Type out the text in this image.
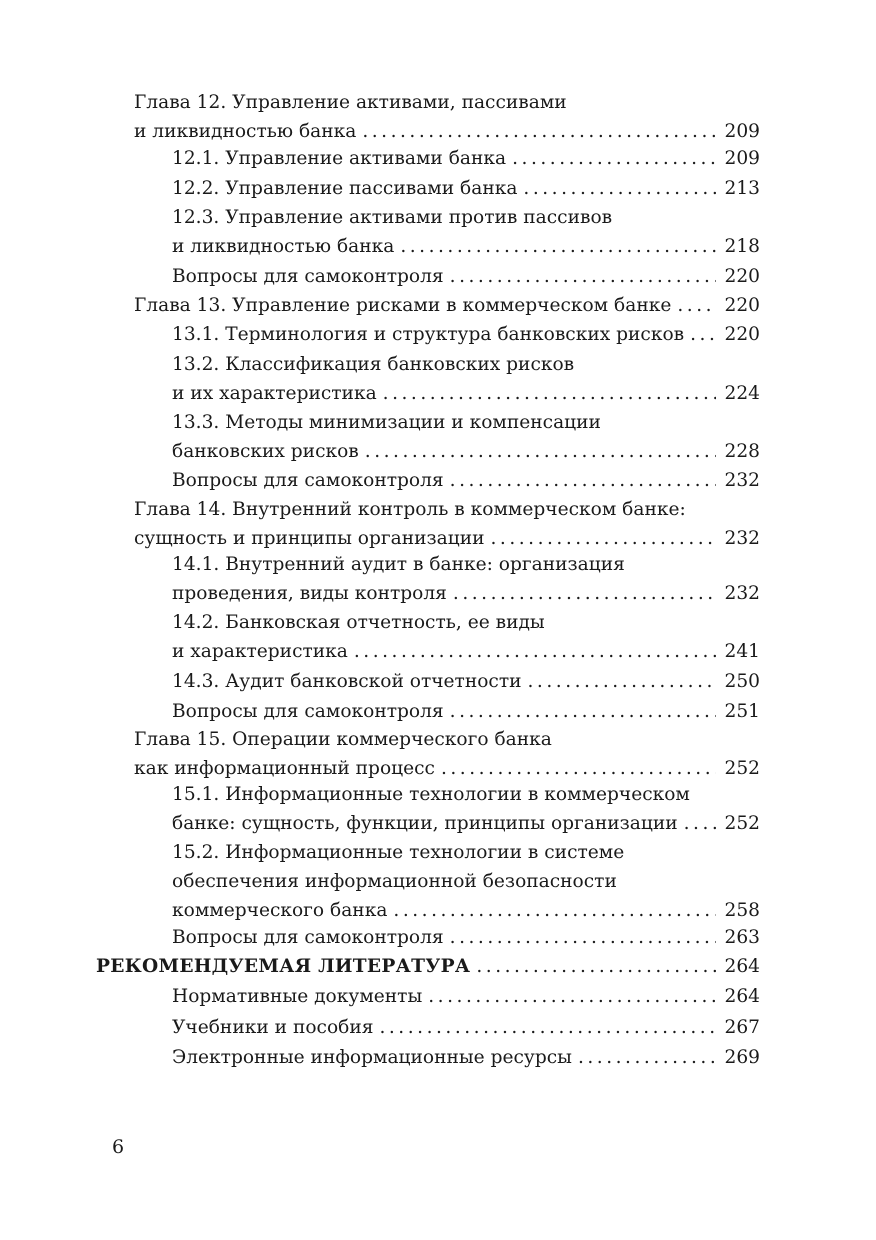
Глава 12. Управление активами, пассивами
и ликвидностью банка . . .	209
12.1. Управление активами банка . . .	209
12.2. Управление пассивами банка . . .	213
12.3. Управление активами против пассивов
и ликвидностью банка . . .	218
Вопросы для самоконтроля . . .	220
Глава 13. Управление рисками в коммерческом банке . . .	220
13.1. Терминология и структура банковских рисков . . . 220
13.2. Классификация банковских рисков
и их характеристика . . .	224
13.3. Методы минимизации и компенсации
банковских рисков . . .	228
Вопросы для самоконтроля . . .	232
Глава 14. Внутренний контроль в коммерческом банке:
сущность и принципы организации . . .	232
14.1. Внутренний аудит в банке: организация
проведения, виды контроля . . .	232
14.2. Банковская отчетность, ее виды
и характеристика . . .	241
14.3. Аудит банковской отчетности . . .	250
Вопросы для самоконтроля . . .	251
Глава 15. Операции коммерческого банка
как информационный процесс . . .	252
15.1. Информационные технологии в коммерческом
банке: сущность, функции, принципы организации . . .	252
15.2. Информационные технологии в системе
обеспечения информационной безопасности
коммерческого банка . . .	258
Вопросы для самоконтроля . . .	263
РЕКОМЕНДУЕМАЯ ЛИТЕРАТУРА . . .	264
Нормативные документы . . .	264
Учебники и пособия . . .	267
Электронные информационные ресурсы . . .	269
6
